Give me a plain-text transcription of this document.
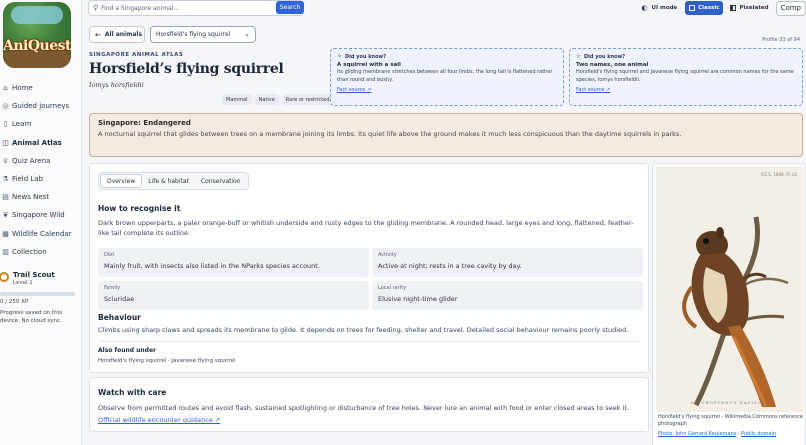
AniQuest
⌂ Home
◎ Guided journeys
▯ Learn
◫ Animal Atlas
♕ Quiz Arena
⚗ Field Lab
▤ News Nest
❦ Singapore Wild
▦ Wildlife Calendar
▥ Collection
Trail Scout
Level 1
0 / 250 XP
Progress saved on this device. No cloud sync.
⚲
Find a Singapore animal...	Search	◐ UI mode	Classic	Pixelated	Comp
← All animals Horsfield's flying squirrel ⌄
Profile 33 of 94
SINGAPORE ANIMAL ATLAS
Horsfield’s flying squirrel
Iomys horsfieldii
Mammal	Native	Rare or restricted
✧ Did you know?
A squirrel with a sail
Its gliding membrane stretches between all four limbs; the long tail is flattened rather than round and bushy.
Fact source ↗
✧ Did you know?
Two names, one animal
Horsfield's flying squirrel and Javanese flying squirrel are common names for the same species, Iomys horsfieldii.
Fact source ↗
Singapore: Endangered
A nocturnal squirrel that glides between trees on a membrane joining its limbs. Its quiet life above the ground makes it much less conspicuous than the daytime squirrels in parks.
Overview	Life & habitat	Conservation
How to recognise it
Dark brown upperparts, a paler orange-buff or whitish underside and rusty edges to the gliding membrane. A rounded head, large eyes and long, flattened, feather-like tail complete its outline.
Diet
Mainly fruit, with insects also listed in the NParks species account.
Activity
Active at night; rests in a tree cavity by day.
Family
Sciuridae
Local rarity
Elusive night-time glider
Behaviour
Climbs using sharp claws and spreads its membrane to glide. It depends on trees for feeding, shelter and travel. Detailed social behaviour remains poorly studied.
Also found under
Horsfield's flying squirrel · Javanese flying squirrel
Watch with care
Observe from permitted routes and avoid flash, sustained spotlighting or disturbance of tree holes. Never lure an animal with food or enter closed areas to seek it.
Official wildlife encounter guidance ↗
P.Z.S. 1888. Pl. LII.
SCIUROPTERUS DAVISONI
Horsfield's flying squirrel · Wikimedia Commons reference photograph
Photo: John Gerrard Keulemans · Public domain
